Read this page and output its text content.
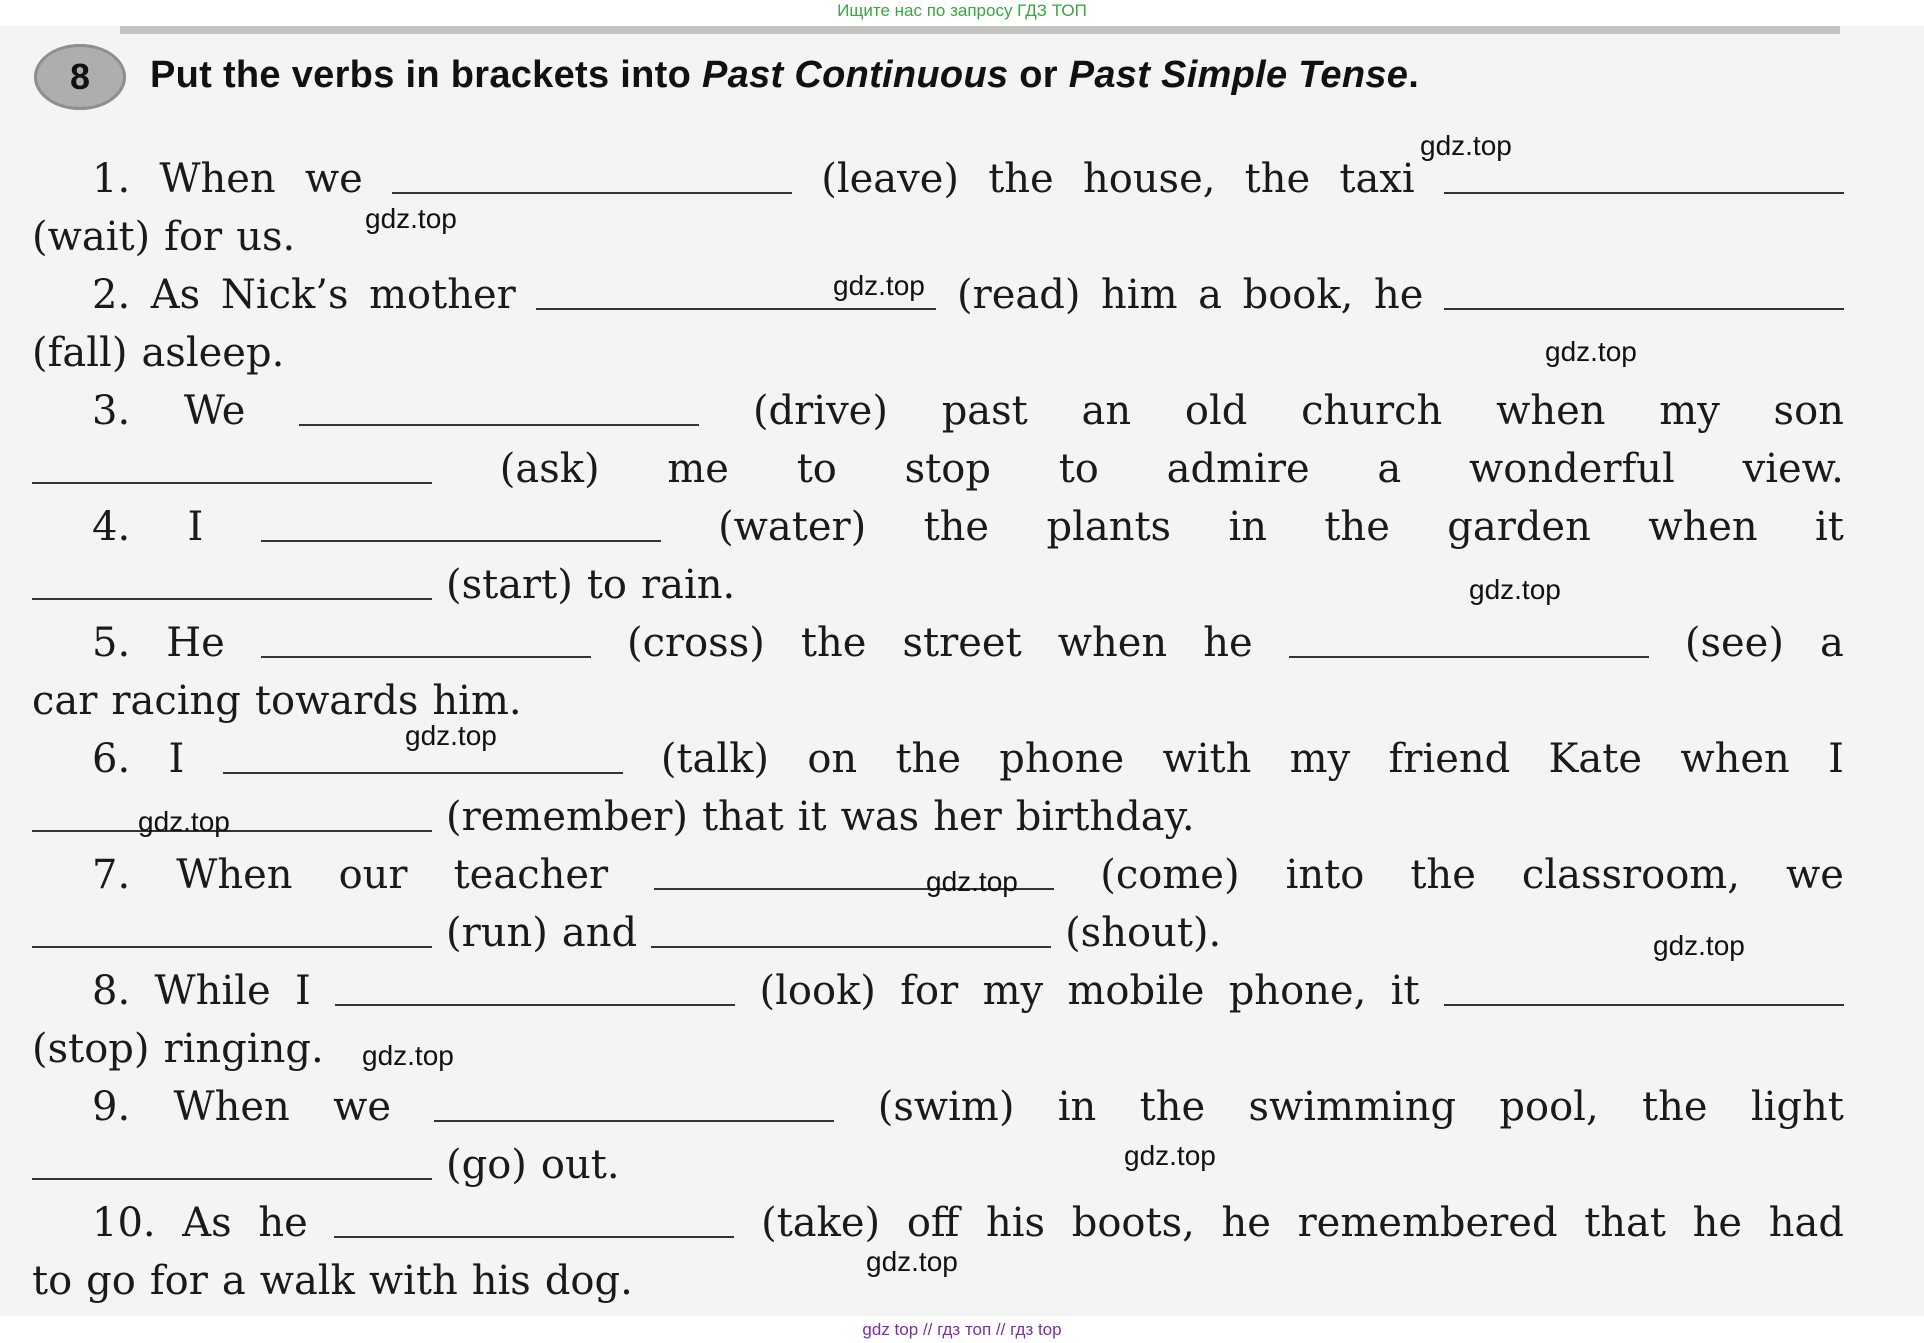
Ищите нас по запросу ГДЗ ТОП
8	Put the verbs in brackets into Past Continuous or Past Simple Tense.
1. When we	(leave) the house, the taxi
(wait) for us.
2. As Nick’s mother	(read) him a book, he
(fall) asleep.
3. We	(drive) past an old church when my son
(ask) me to stop to admire a wonderful view.
4. I	(water) the plants in the garden when it
(start) to rain.
5. He	(cross) the street when he	(see) a
car racing towards him.
6. I	(talk) on the phone with my friend Kate when I
(remember) that it was her birthday.
7. When our teacher	(come) into the classroom, we
(run) and	(shout).
8. While I	(look) for my mobile phone, it
(stop) ringing.
9. When we	(swim) in the swimming pool, the light
(go) out.
10. As he	(take) off his boots, he remembered that he had
to go for a walk with his dog.
gdz.top
gdz.top
gdz.top
gdz.top
gdz.top
gdz.top
gdz.top
gdz.top
gdz.top
gdz.top
gdz.top
gdz.top
gdz top // гдз топ // гдз top
